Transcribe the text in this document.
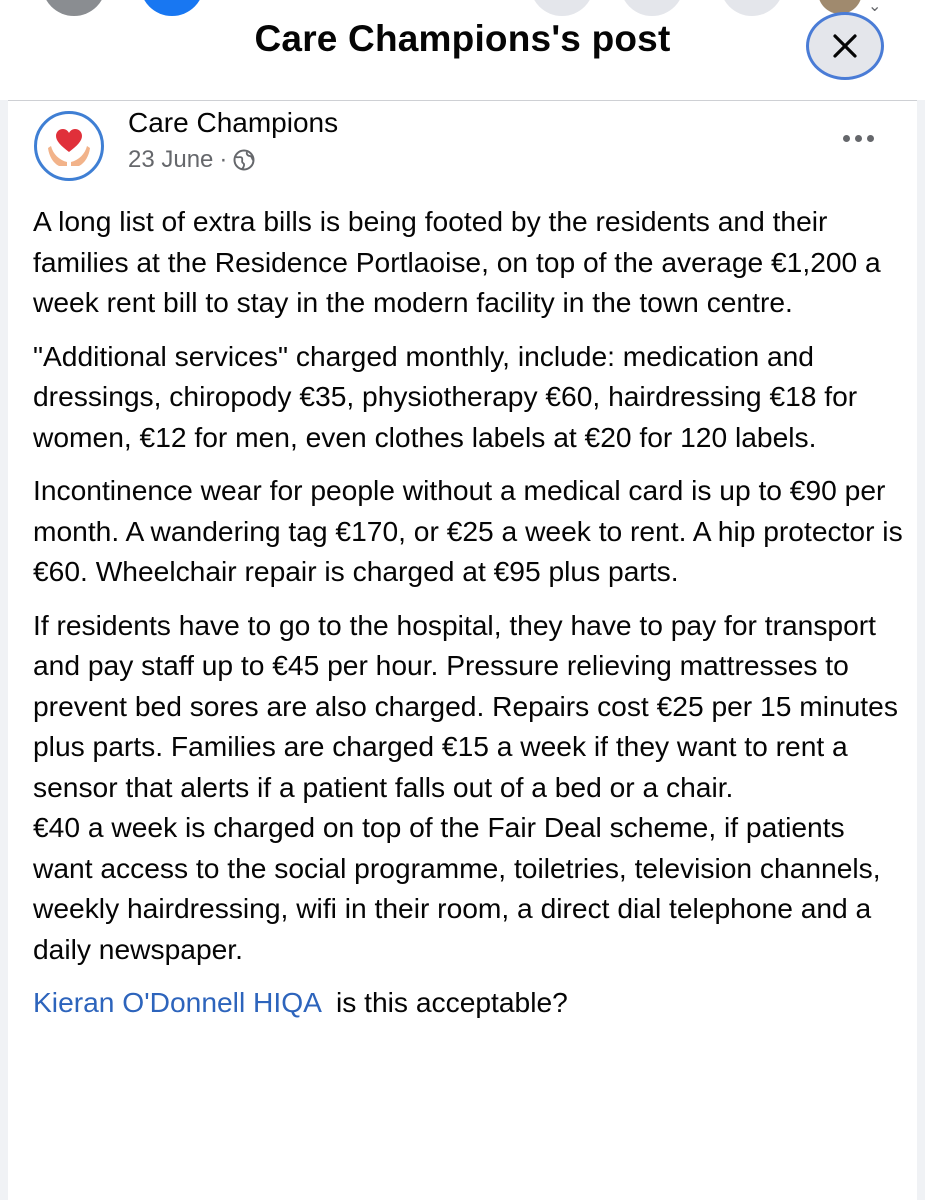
⌄
Care Champions's post
Care Champions
23 June ·

A long list of extra bills is being footed by the residents and their families at the Residence Portlaoise, on top of the average €1,200 a week rent bill to stay in the modern facility in the town centre.

"Additional services" charged monthly, include: medication and dressings, chiropody €35, physiotherapy €60, hairdressing €18 for women, €12 for men, even clothes labels at €20 for 120 labels.

Incontinence wear for people without a medical card is up to €90 per month. A wandering tag €170, or €25 a week to rent. A hip protector is €60. Wheelchair repair is charged at €95 plus parts.

If residents have to go to the hospital, they have to pay for transport and pay staff up to €45 per hour. Pressure relieving mattresses to prevent bed sores are also charged. Repairs cost €25 per 15 minutes plus parts. Families are charged €15 a week if they want to rent a sensor that alerts if a patient falls out of a bed or a chair.

€40 a week is charged on top of the Fair Deal scheme, if patients want access to the social programme, toiletries, television channels, weekly hairdressing, wifi in their room, a direct dial telephone and a daily newspaper.

Kieran O'Donnell HIQA is this acceptable?
